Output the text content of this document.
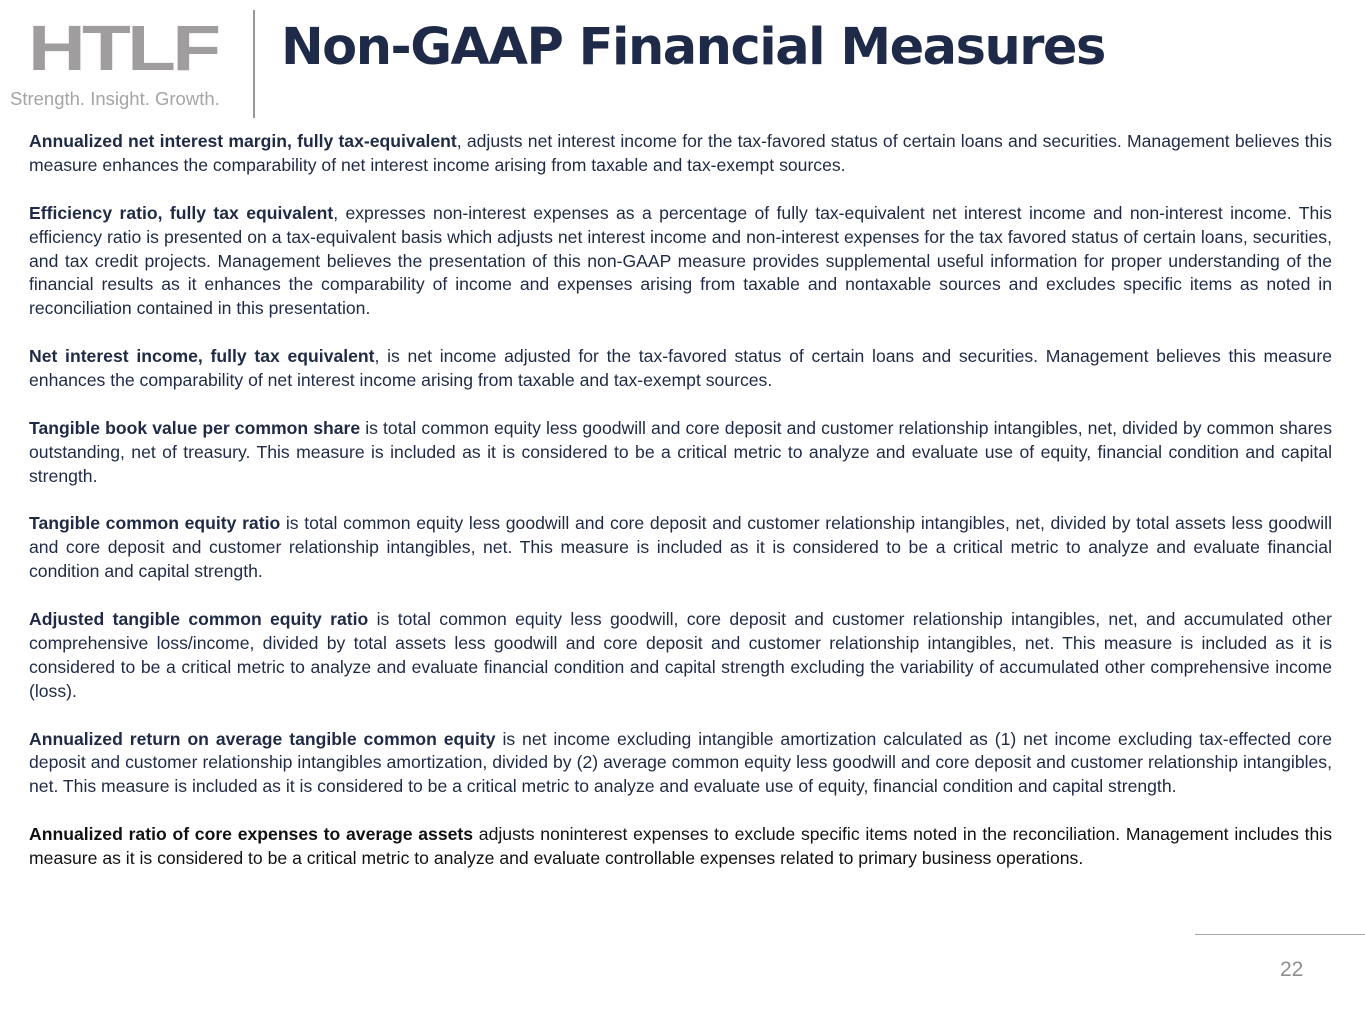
HTLF
Strength. Insight. Growth.
Non-GAAP Financial Measures

Annualized net interest margin, fully tax-equivalent, adjusts net interest income for the tax-favored status of certain loans and securities. Management believes this measure enhances the comparability of net interest income arising from taxable and tax-exempt sources.

Efficiency ratio, fully tax equivalent, expresses non-interest expenses as a percentage of fully tax-equivalent net interest income and non-interest income. This efficiency ratio is presented on a tax-equivalent basis which adjusts net interest income and non-interest expenses for the tax favored status of certain loans, securities, and tax credit projects. Management believes the presentation of this non-GAAP measure provides supplemental useful information for proper understanding of the financial results as it enhances the comparability of income and expenses arising from taxable and nontaxable sources and excludes specific items as noted in reconciliation contained in this presentation.

Net interest income, fully tax equivalent, is net income adjusted for the tax-favored status of certain loans and securities. Management believes this measure enhances the comparability of net interest income arising from taxable and tax-exempt sources.

Tangible book value per common share is total common equity less goodwill and core deposit and customer relationship intangibles, net, divided by common shares outstanding, net of treasury. This measure is included as it is considered to be a critical metric to analyze and evaluate use of equity, financial condition and capital strength.

Tangible common equity ratio is total common equity less goodwill and core deposit and customer relationship intangibles, net, divided by total assets less goodwill and core deposit and customer relationship intangibles, net. This measure is included as it is considered to be a critical metric to analyze and evaluate financial condition and capital strength.

Adjusted tangible common equity ratio is total common equity less goodwill, core deposit and customer relationship intangibles, net, and accumulated other comprehensive loss/income, divided by total assets less goodwill and core deposit and customer relationship intangibles, net. This measure is included as it is considered to be a critical metric to analyze and evaluate financial condition and capital strength excluding the variability of accumulated other comprehensive income (loss).

Annualized return on average tangible common equity is net income excluding intangible amortization calculated as (1) net income excluding tax-effected core deposit and customer relationship intangibles amortization, divided by (2) average common equity less goodwill and core deposit and customer relationship intangibles, net. This measure is included as it is considered to be a critical metric to analyze and evaluate use of equity, financial condition and capital strength.

Annualized ratio of core expenses to average assets adjusts noninterest expenses to exclude specific items noted in the reconciliation. Management includes this measure as it is considered to be a critical metric to analyze and evaluate controllable expenses related to primary business operations.

22
